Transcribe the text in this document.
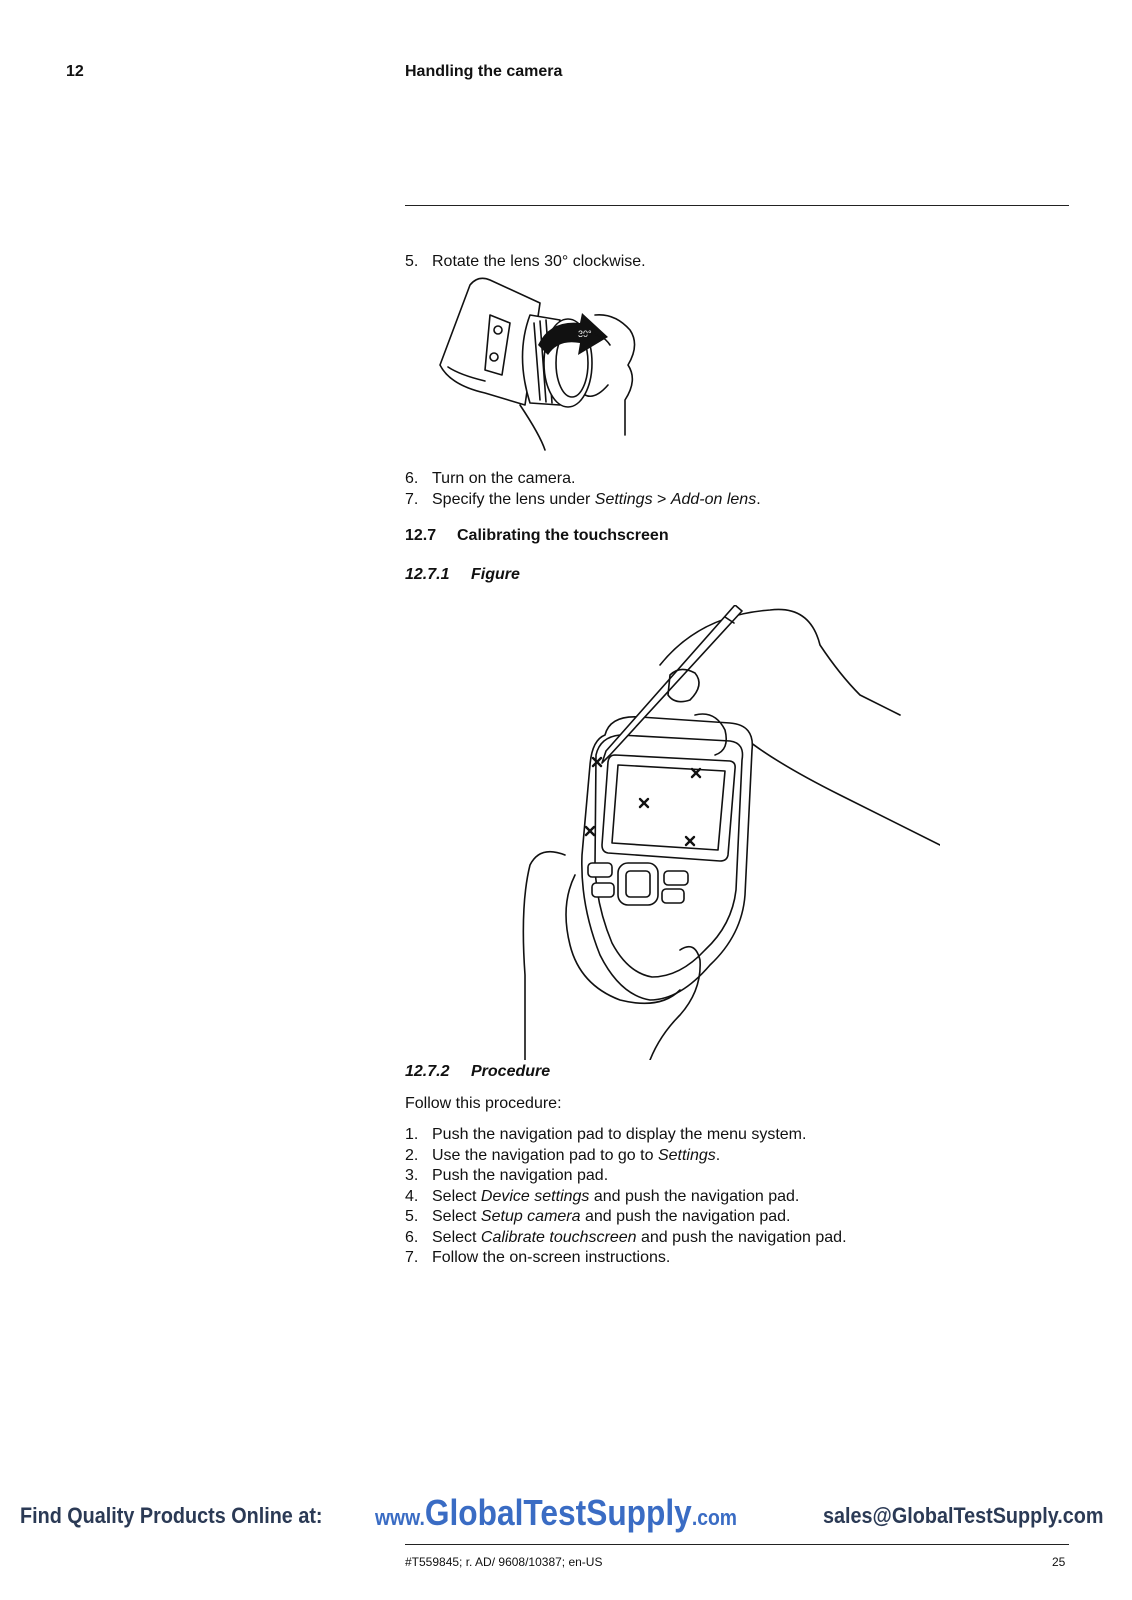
12	Handling the camera
5. Rotate the lens 30° clockwise.
30°
6. Turn on the camera.
7. Specify the lens under Settings > Add-on lens.
12.7 Calibrating the touchscreen
12.7.1 Figure
12.7.2 Procedure
Follow this procedure:
1. Push the navigation pad to display the menu system.
2. Use the navigation pad to go to Settings.
3. Push the navigation pad.
4. Select Device settings and push the navigation pad.
5. Select Setup camera and push the navigation pad.
6. Select Calibrate touchscreen and push the navigation pad.
7. Follow the on-screen instructions.
Find Quality Products Online at: www.GlobalTestSupply.com	sales@GlobalTestSupply.com
#T559845; r. AD/ 9608/10387; en-US	25
